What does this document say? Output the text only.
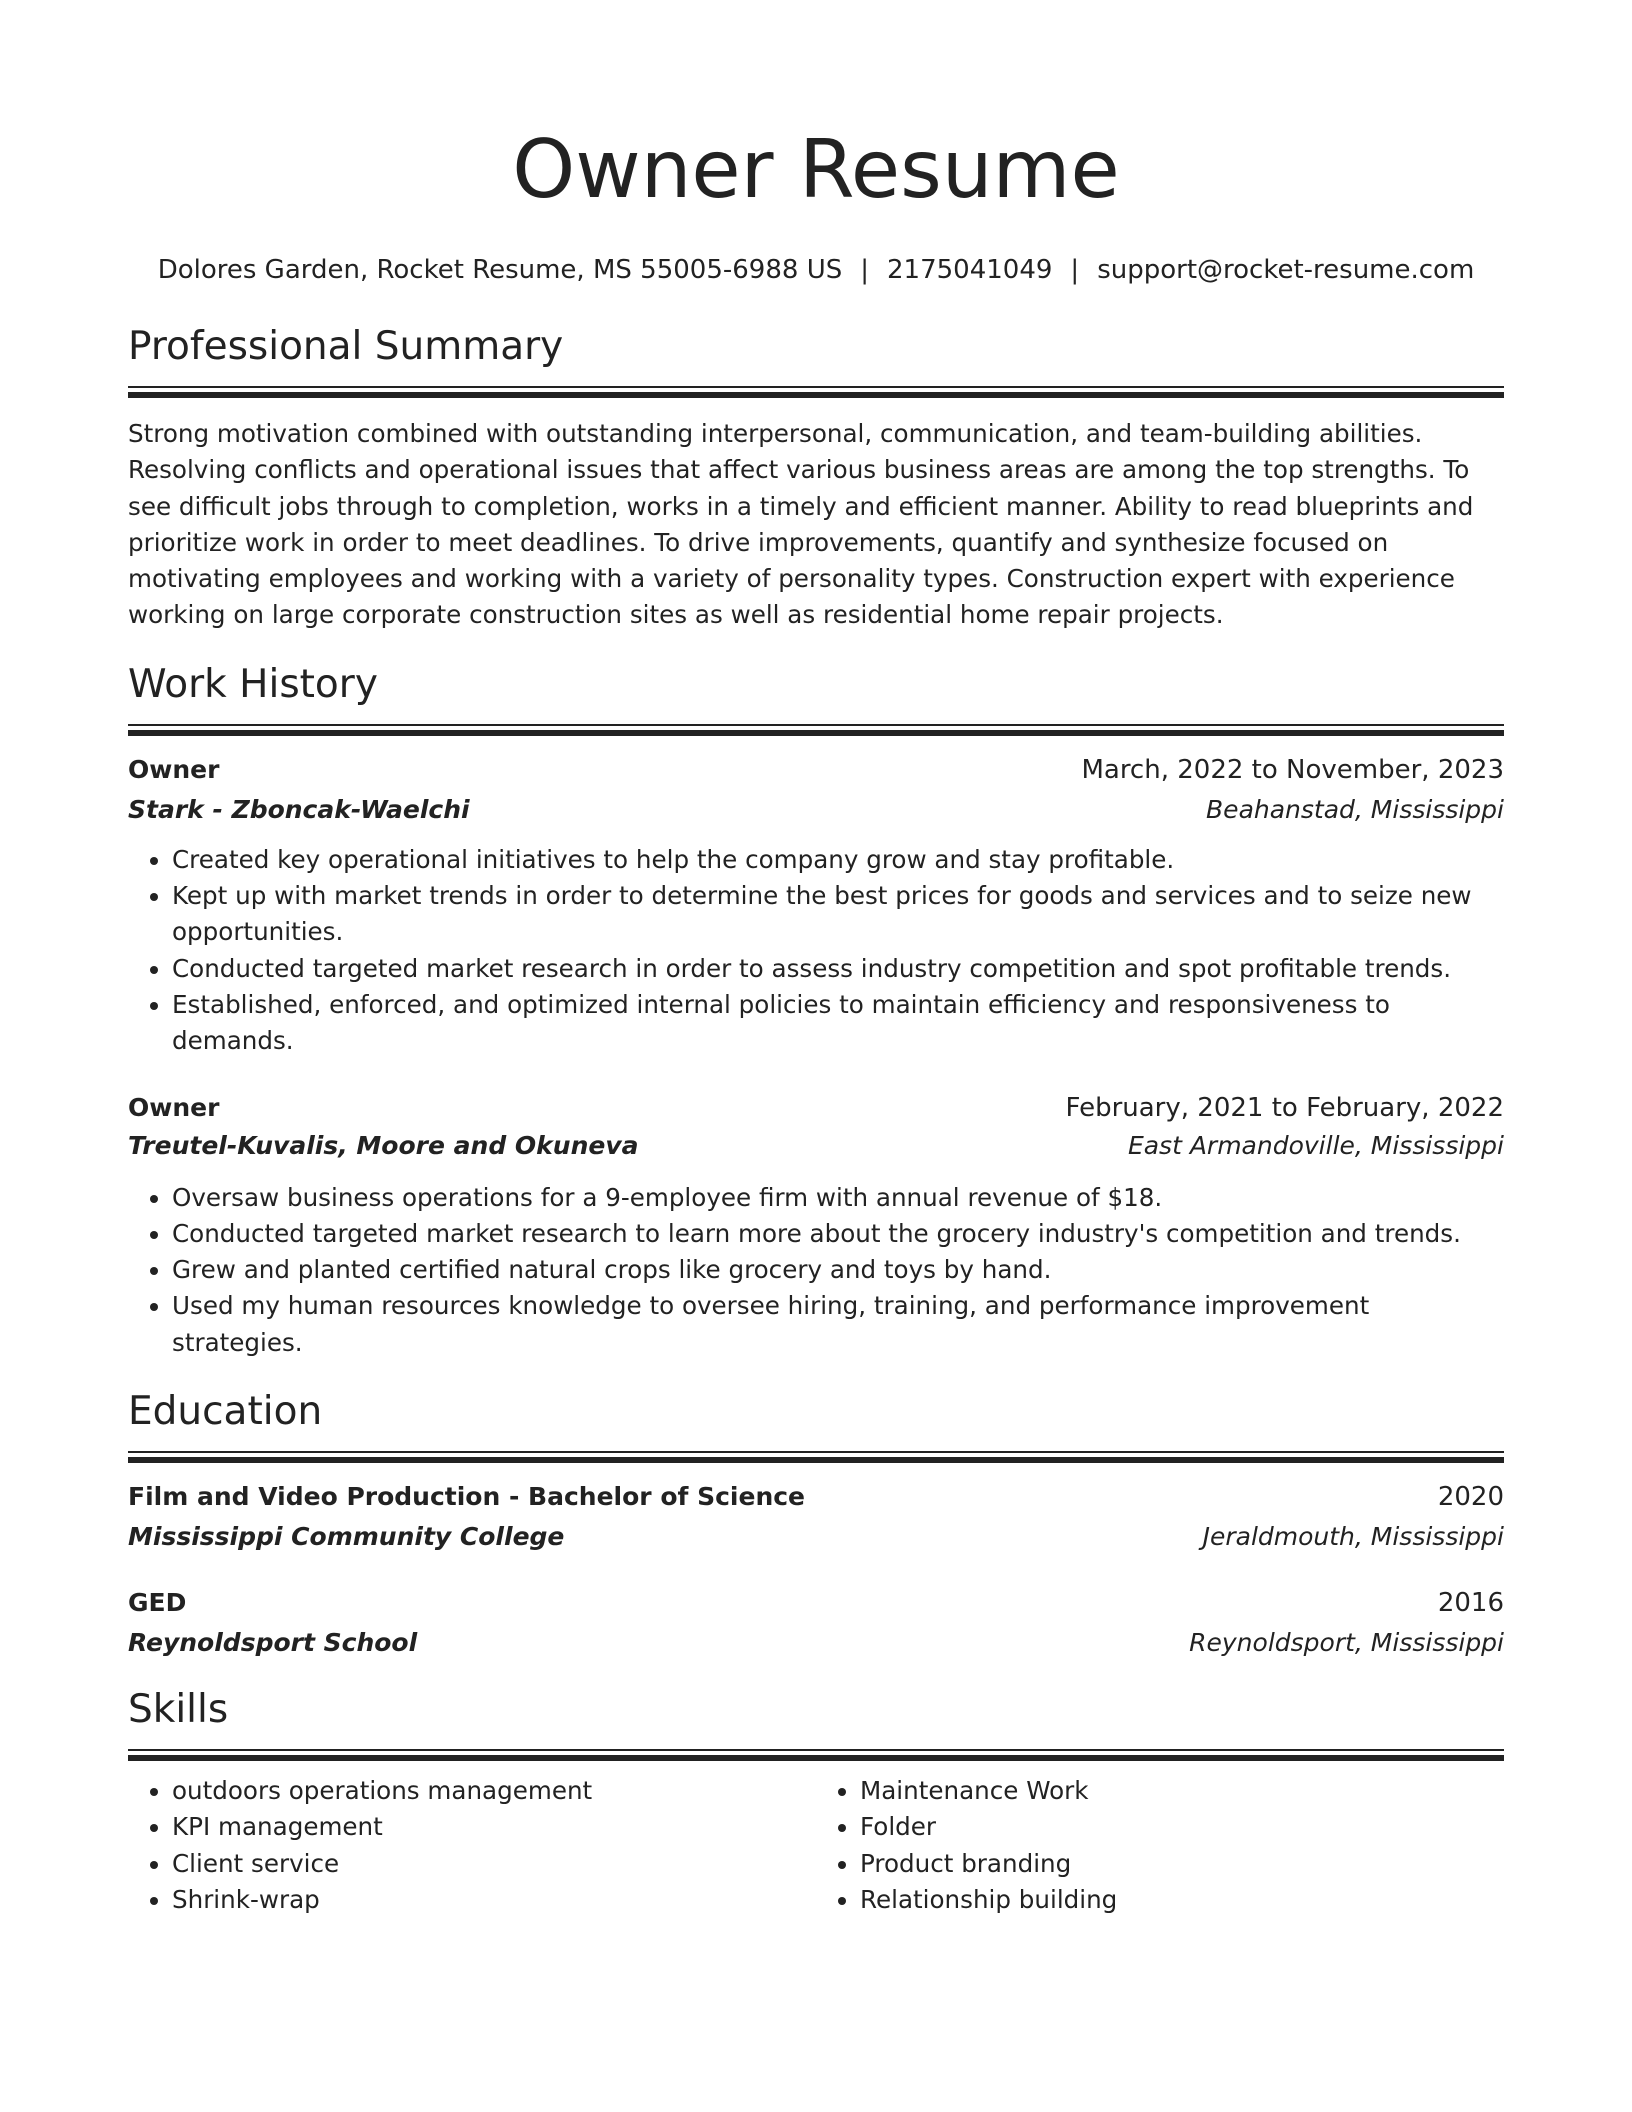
Owner Resume
Dolores Garden, Rocket Resume, MS 55005-6988 US | 2175041049 | support@rocket-resume.com
Professional Summary
Strong motivation combined with outstanding interpersonal, communication, and team-building abilities. Resolving conflicts and operational issues that affect various business areas are among the top strengths. To see difficult jobs through to completion, works in a timely and efficient manner. Ability to read blueprints and prioritize work in order to meet deadlines. To drive improvements, quantify and synthesize focused on motivating employees and working with a variety of personality types. Construction expert with experience working on large corporate construction sites as well as residential home repair projects.
Work History
Owner	March, 2022 to November, 2023
Stark - Zboncak-Waelchi	Beahanstad, Mississippi
• Created key operational initiatives to help the company grow and stay profitable.
• Kept up with market trends in order to determine the best prices for goods and services and to seize new opportunities.
• Conducted targeted market research in order to assess industry competition and spot profitable trends.
• Established, enforced, and optimized internal policies to maintain efficiency and responsiveness to demands.
Owner	February, 2021 to February, 2022
Treutel-Kuvalis, Moore and Okuneva	East Armandoville, Mississippi
• Oversaw business operations for a 9-employee firm with annual revenue of $18.
• Conducted targeted market research to learn more about the grocery industry's competition and trends.
• Grew and planted certified natural crops like grocery and toys by hand.
• Used my human resources knowledge to oversee hiring, training, and performance improvement strategies.
Education
Film and Video Production - Bachelor of Science	2020
Mississippi Community College	Jeraldmouth, Mississippi
GED	2016
Reynoldsport School	Reynoldsport, Mississippi
Skills
• outdoors operations management
• KPI management
• Client service
• Shrink-wrap
• Maintenance Work
• Folder
• Product branding
• Relationship building
